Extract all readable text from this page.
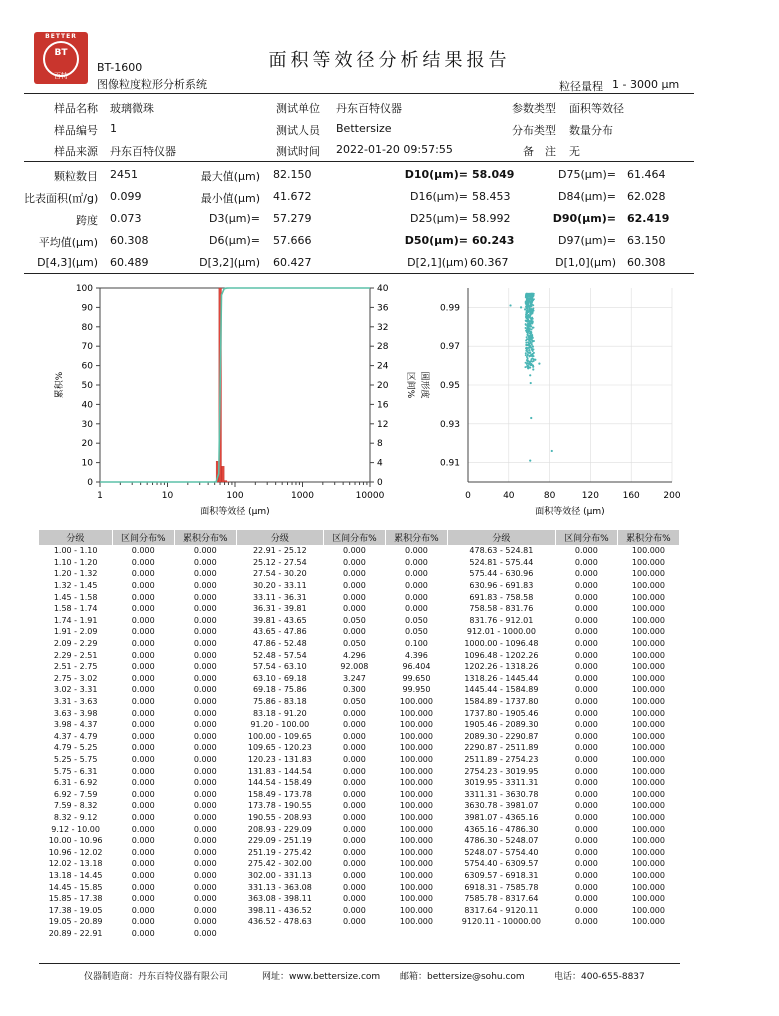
BETTER
BT
百特
BT-1600
图像粒度粒形分析系统
面积等效径分析结果报告
粒径量程 1 - 3000 μm
样品名称 玻璃微珠	测试单位 丹东百特仪器	参数类型 面积等效径
样品编号 1	测试人员 Bettersize	分布类型 数量分布
样品来源 丹东百特仪器	测试时间 2022-01-20 09:57:55	备　注 无
颗粒数目 2451	最大值(μm) 82.150	D10(μm)= 58.049	D75(μm)= 61.464
比表面积(㎡/g) 0.099	最小值(μm) 41.672	D16(μm)= 58.453	D84(μm)= 62.028
跨度 0.073	D3(μm)= 57.279	D25(μm)= 58.992	D90(μm)= 62.419
平均值(μm) 60.308	D6(μm)= 57.666	D50(μm)= 60.243	D97(μm)= 63.150
D[4,3](μm) 60.489	D[3,2](μm) 60.427	D[2,1](μm) 60.367	D[1,0](μm) 60.308
0
10
20
30
40
50
60
70
80
90
100
0
4
8
12
16
20
24
28
32
36
40
1	10	100	1000	10000
面积等效径 (μm)
累积%	区间%
0	40	80	120	160	200
0.91
0.93
0.95
0.97
0.99
面积等效径 (μm)
圆形度
分级	区间分布%	累积分布%	分级	区间分布%	累积分布%	分级	区间分布%	累积分布%
1.00 - 1.10	0.000	0.000	22.91 - 25.12	0.000	0.000	478.63 - 524.81	0.000	100.000
1.10 - 1.20	0.000	0.000	25.12 - 27.54	0.000	0.000	524.81 - 575.44	0.000	100.000
1.20 - 1.32	0.000	0.000	27.54 - 30.20	0.000	0.000	575.44 - 630.96	0.000	100.000
1.32 - 1.45	0.000	0.000	30.20 - 33.11	0.000	0.000	630.96 - 691.83	0.000	100.000
1.45 - 1.58	0.000	0.000	33.11 - 36.31	0.000	0.000	691.83 - 758.58	0.000	100.000
1.58 - 1.74	0.000	0.000	36.31 - 39.81	0.000	0.000	758.58 - 831.76	0.000	100.000
1.74 - 1.91	0.000	0.000	39.81 - 43.65	0.050	0.050	831.76 - 912.01	0.000	100.000
1.91 - 2.09	0.000	0.000	43.65 - 47.86	0.000	0.050	912.01 - 1000.00	0.000	100.000
2.09 - 2.29	0.000	0.000	47.86 - 52.48	0.050	0.100	1000.00 - 1096.48	0.000	100.000
2.29 - 2.51	0.000	0.000	52.48 - 57.54	4.296	4.396	1096.48 - 1202.26	0.000	100.000
2.51 - 2.75	0.000	0.000	57.54 - 63.10	92.008	96.404	1202.26 - 1318.26	0.000	100.000
2.75 - 3.02	0.000	0.000	63.10 - 69.18	3.247	99.650	1318.26 - 1445.44	0.000	100.000
3.02 - 3.31	0.000	0.000	69.18 - 75.86	0.300	99.950	1445.44 - 1584.89	0.000	100.000
3.31 - 3.63	0.000	0.000	75.86 - 83.18	0.050	100.000	1584.89 - 1737.80	0.000	100.000
3.63 - 3.98	0.000	0.000	83.18 - 91.20	0.000	100.000	1737.80 - 1905.46	0.000	100.000
3.98 - 4.37	0.000	0.000	91.20 - 100.00	0.000	100.000	1905.46 - 2089.30	0.000	100.000
4.37 - 4.79	0.000	0.000	100.00 - 109.65	0.000	100.000	2089.30 - 2290.87	0.000	100.000
4.79 - 5.25	0.000	0.000	109.65 - 120.23	0.000	100.000	2290.87 - 2511.89	0.000	100.000
5.25 - 5.75	0.000	0.000	120.23 - 131.83	0.000	100.000	2511.89 - 2754.23	0.000	100.000
5.75 - 6.31	0.000	0.000	131.83 - 144.54	0.000	100.000	2754.23 - 3019.95	0.000	100.000
6.31 - 6.92	0.000	0.000	144.54 - 158.49	0.000	100.000	3019.95 - 3311.31	0.000	100.000
6.92 - 7.59	0.000	0.000	158.49 - 173.78	0.000	100.000	3311.31 - 3630.78	0.000	100.000
7.59 - 8.32	0.000	0.000	173.78 - 190.55	0.000	100.000	3630.78 - 3981.07	0.000	100.000
8.32 - 9.12	0.000	0.000	190.55 - 208.93	0.000	100.000	3981.07 - 4365.16	0.000	100.000
9.12 - 10.00	0.000	0.000	208.93 - 229.09	0.000	100.000	4365.16 - 4786.30	0.000	100.000
10.00 - 10.96	0.000	0.000	229.09 - 251.19	0.000	100.000	4786.30 - 5248.07	0.000	100.000
10.96 - 12.02	0.000	0.000	251.19 - 275.42	0.000	100.000	5248.07 - 5754.40	0.000	100.000
12.02 - 13.18	0.000	0.000	275.42 - 302.00	0.000	100.000	5754.40 - 6309.57	0.000	100.000
13.18 - 14.45	0.000	0.000	302.00 - 331.13	0.000	100.000	6309.57 - 6918.31	0.000	100.000
14.45 - 15.85	0.000	0.000	331.13 - 363.08	0.000	100.000	6918.31 - 7585.78	0.000	100.000
15.85 - 17.38	0.000	0.000	363.08 - 398.11	0.000	100.000	7585.78 - 8317.64	0.000	100.000
17.38 - 19.05	0.000	0.000	398.11 - 436.52	0.000	100.000	8317.64 - 9120.11	0.000	100.000
19.05 - 20.89	0.000	0.000	436.52 - 478.63	0.000	100.000	9120.11 - 10000.00	0.000	100.000
20.89 - 22.91	0.000	0.000						
仪器制造商：丹东百特仪器有限公司	网址：www.bettersize.com 邮箱：bettersize@sohu.com	电话：400-655-8837
